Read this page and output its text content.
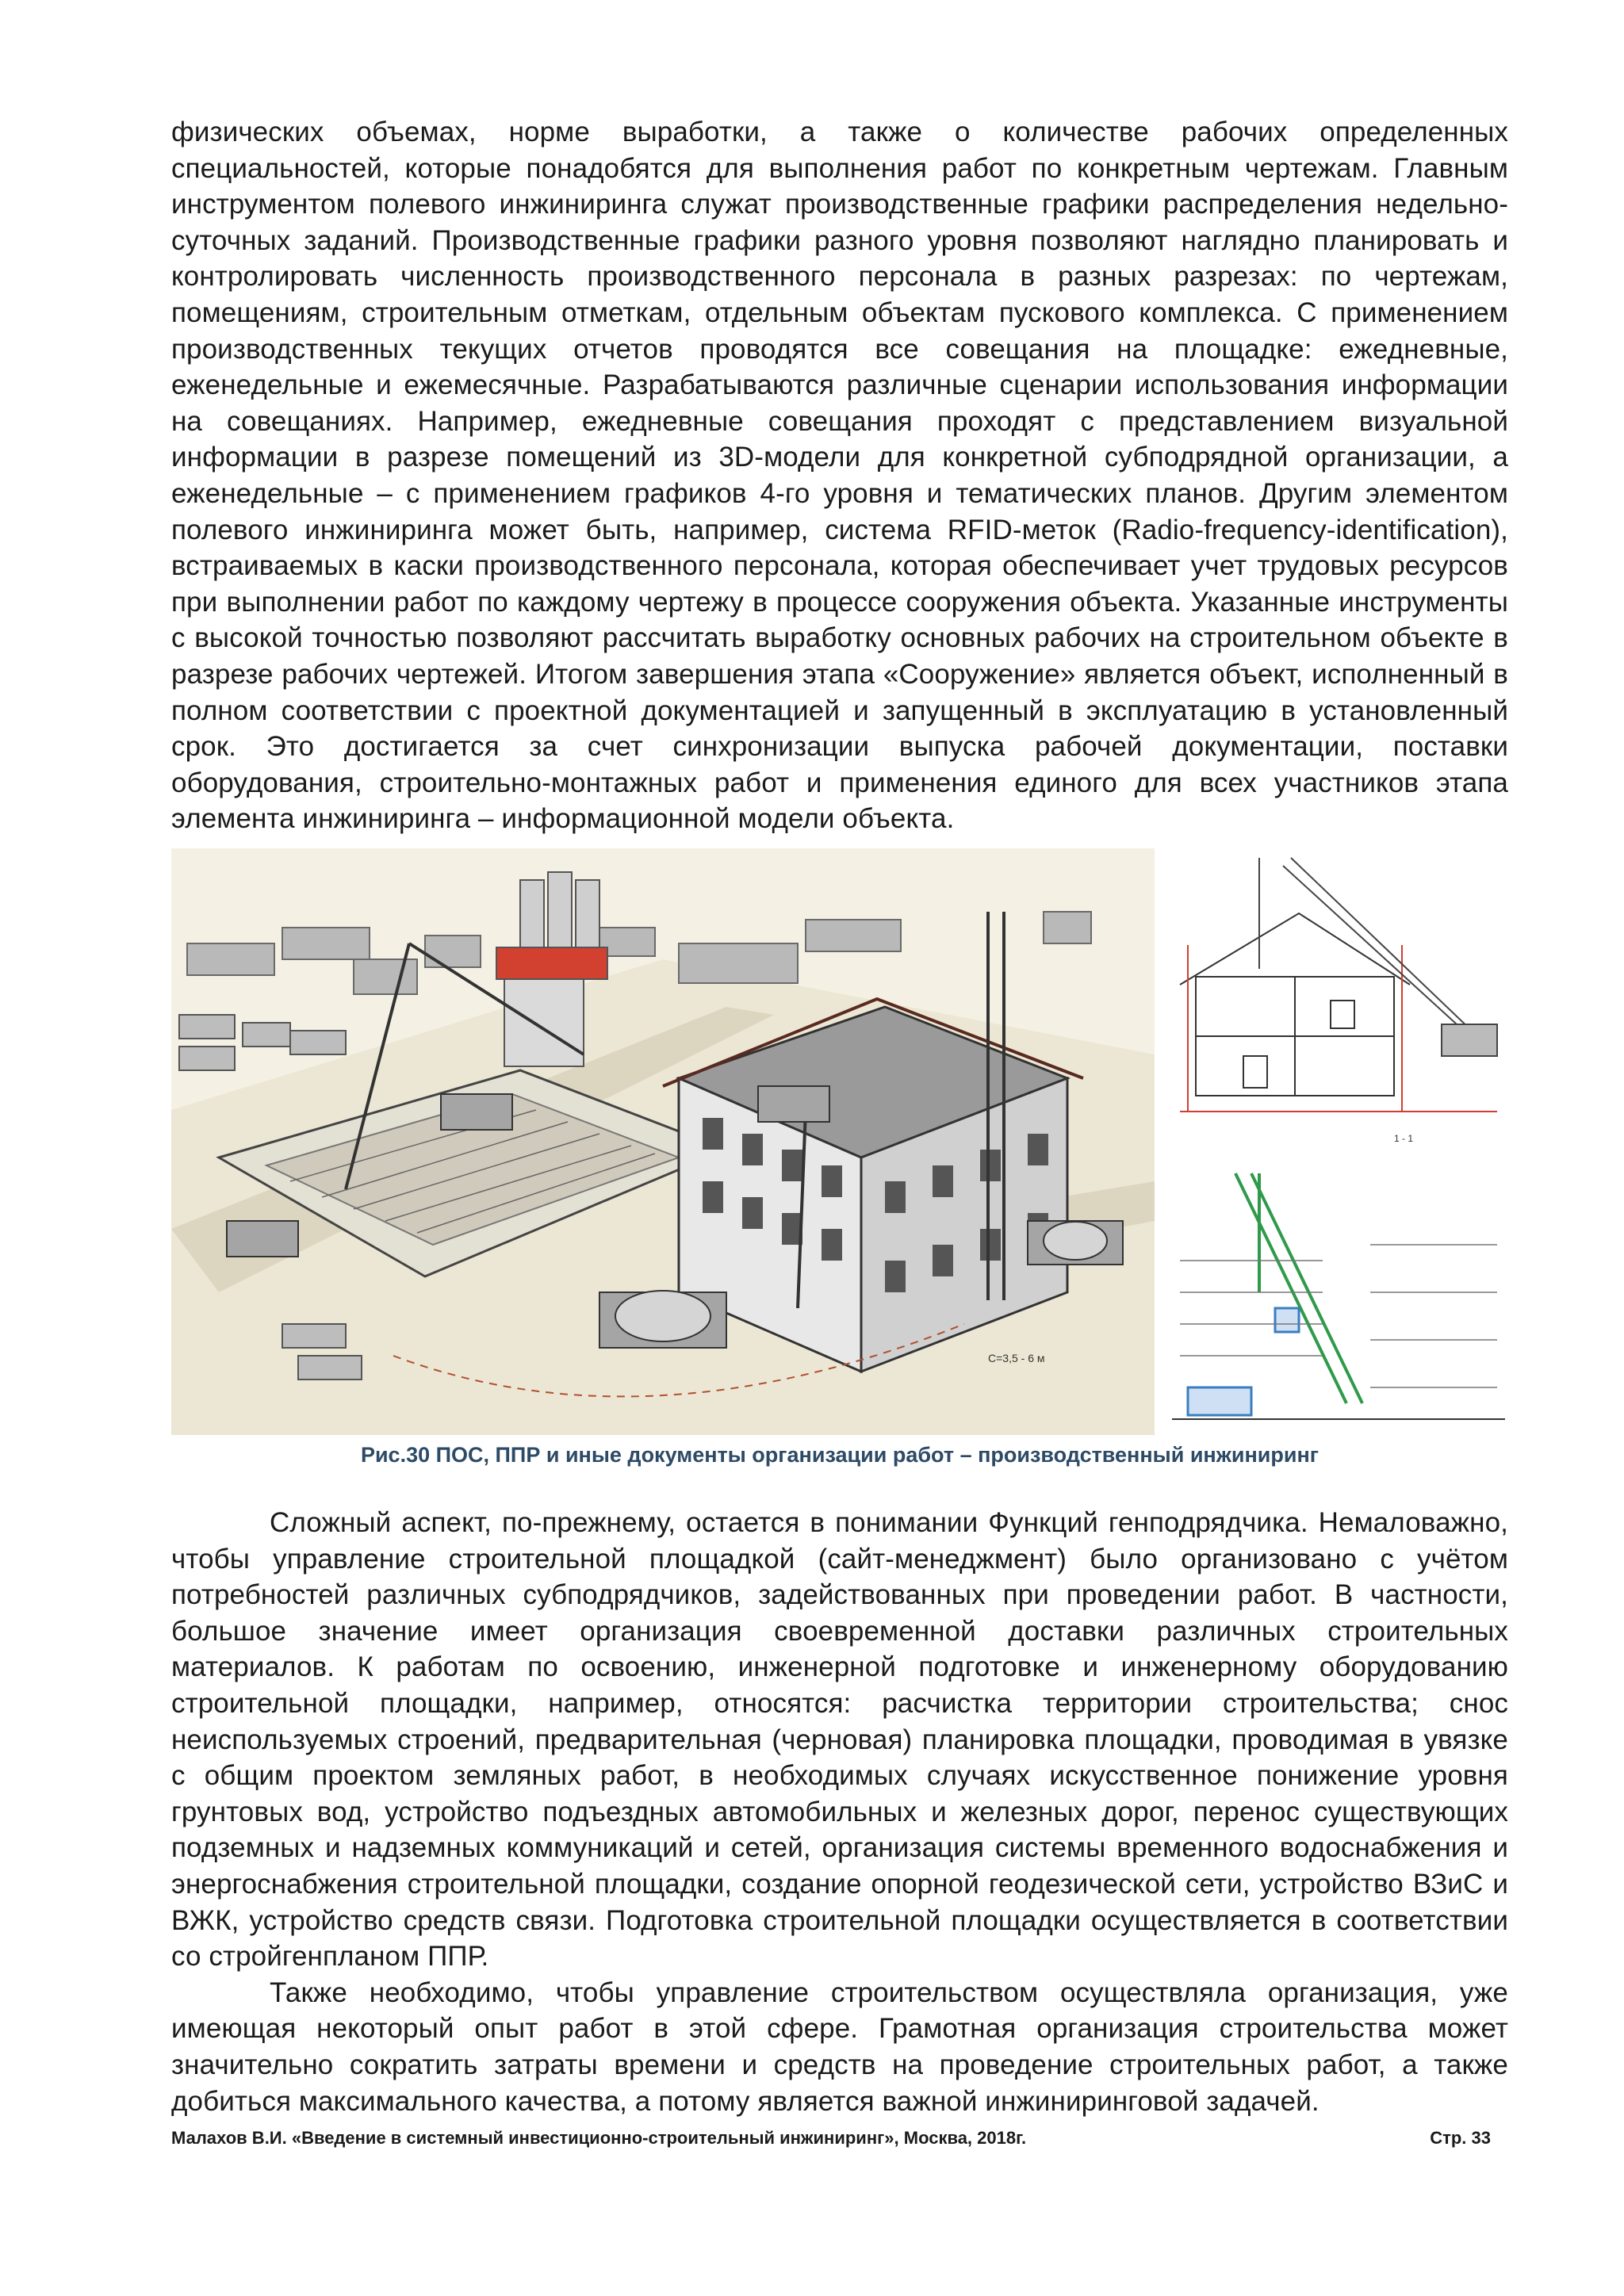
физических объемах, норме выработки, а также о количестве рабочих определенных специальностей, которые понадобятся для выполнения работ по конкретным чертежам. Главным инструментом полевого инжиниринга служат производственные графики распределения недельно-суточных заданий. Производственные графики разного уровня позволяют наглядно планировать и контролировать численность производственного персонала в разных разрезах: по чертежам, помещениям, строительным отметкам, отдельным объектам пускового комплекса. С применением производственных текущих отчетов проводятся все совещания на площадке: ежедневные, еженедельные и ежемесячные. Разрабатываются различные сценарии использования информации на совещаниях. Например, ежедневные совещания проходят с представлением визуальной информации в разрезе помещений из 3D-модели для конкретной субподрядной организации, а еженедельные – с применением графиков 4-го уровня и тематических планов. Другим элементом полевого инжиниринга может быть, например, система RFID-меток (Radio-frequency-identification), встраиваемых в каски производственного персонала, которая обеспечивает учет трудовых ресурсов при выполнении работ по каждому чертежу в процессе сооружения объекта. Указанные инструменты с высокой точностью позволяют рассчитать выработку основных рабочих на строительном объекте в разрезе рабочих чертежей. Итогом завершения этапа «Сооружение» является объект, исполненный в полном соответствии с проектной документацией и запущенный в эксплуатацию в установленный срок. Это достигается за счет синхронизации выпуска рабочей документации, поставки оборудования, строительно-монтажных работ и применения единого для всех участников этапа элемента инжиниринга – информационной модели объекта.

C=3,5 - 6 м
1 - 1
Рис.30 ПОС, ППР и иные документы организации работ – производственный инжиниринг

Сложный аспект, по-прежнему, остается в понимании Функций генподрядчика. Немаловажно, чтобы управление строительной площадкой (сайт-менеджмент) было организовано с учётом потребностей различных субподрядчиков, задействованных при проведении работ. В частности, большое значение имеет организация своевременной доставки различных строительных материалов. К работам по освоению, инженерной подготовке и инженерному оборудованию строительной площадки, например, относятся: расчистка территории строительства; снос неиспользуемых строений, предварительная (черновая) планировка площадки, проводимая в увязке с общим проектом земляных работ, в необходимых случаях искусственное понижение уровня грунтовых вод, устройство подъездных автомобильных и железных дорог, перенос существующих подземных и надземных коммуникаций и сетей, организация системы временного водоснабжения и энергоснабжения строительной площадки, создание опорной геодезической сети, устройство ВЗиС и ВЖК, устройство средств связи. Подготовка строительной площадки осуществляется в соответствии со стройгенпланом ППР.

Также необходимо, чтобы управление строительством осуществляла организация, уже имеющая некоторый опыт работ в этой сфере. Грамотная организация строительства может значительно сократить затраты времени и средств на проведение строительных работ, а также добиться максимального качества, а потому является важной инжиниринговой задачей.

Малахов В.И. «Введение в системный инвестиционно-строительный инжиниринг», Москва, 2018г.	Стр. 33
